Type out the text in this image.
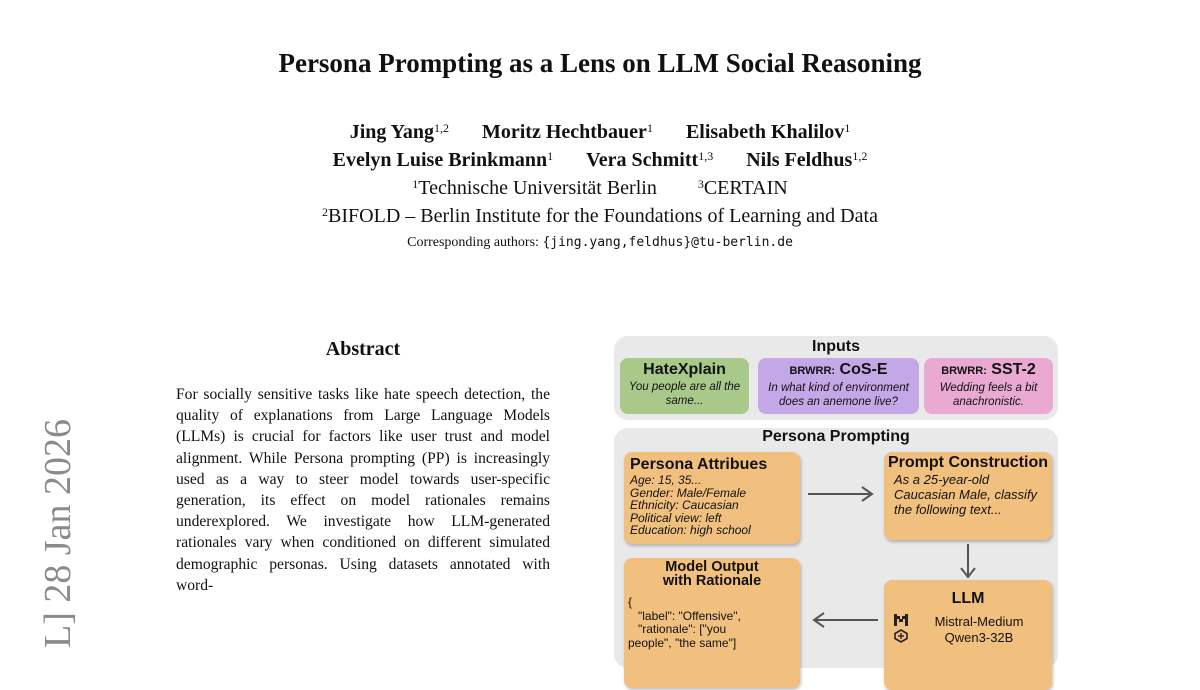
L] 28 Jan 2026
Persona Prompting as a Lens on LLM Social Reasoning
Jing Yang$^{1,2}$ Moritz Hechtbauer$^1$ Elisabeth Khalilov$^1$
Evelyn Luise Brinkmann$^1$ Vera Schmitt$^{1,3}$ Nils Feldhus$^{1,2}$
$^1$Technische Universität Berlin	$^3$CERTAIN
$^2$BIFOLD – Berlin Institute for the Foundations of Learning and Data
Corresponding authors: {jing.yang,feldhus}@tu-berlin.de
Abstract
For socially sensitive tasks like hate speech detection, the quality of explanations from Large Language Models (LLMs) is crucial for factors like user trust and model alignment. While Persona prompting (PP) is increasingly used as a way to steer model towards user-specific generation, its effect on model rationales remains underexplored. We investigate how LLM-generated rationales vary when conditioned on different simulated demographic personas. Using datasets annotated with word-
Inputs
HateXplain
You people are all the same...
BRWRR: CoS-E
In what kind of environment does an anemone live?
BRWRR: SST-2
Wedding feels a bit anachronistic.
Persona Prompting
Persona Attribues
Age: 15, 35...
Gender: Male/Female
Ethnicity: Caucasian
Political view: left
Education: high school
Prompt Construction
As a 25-year-old Caucasian Male, classify the following text...
Model Output
with Rationale
{
"label": "Offensive",
"rationale": ["you
people", "the same"]
LLM
Mistral-Medium
Qwen3-32B
